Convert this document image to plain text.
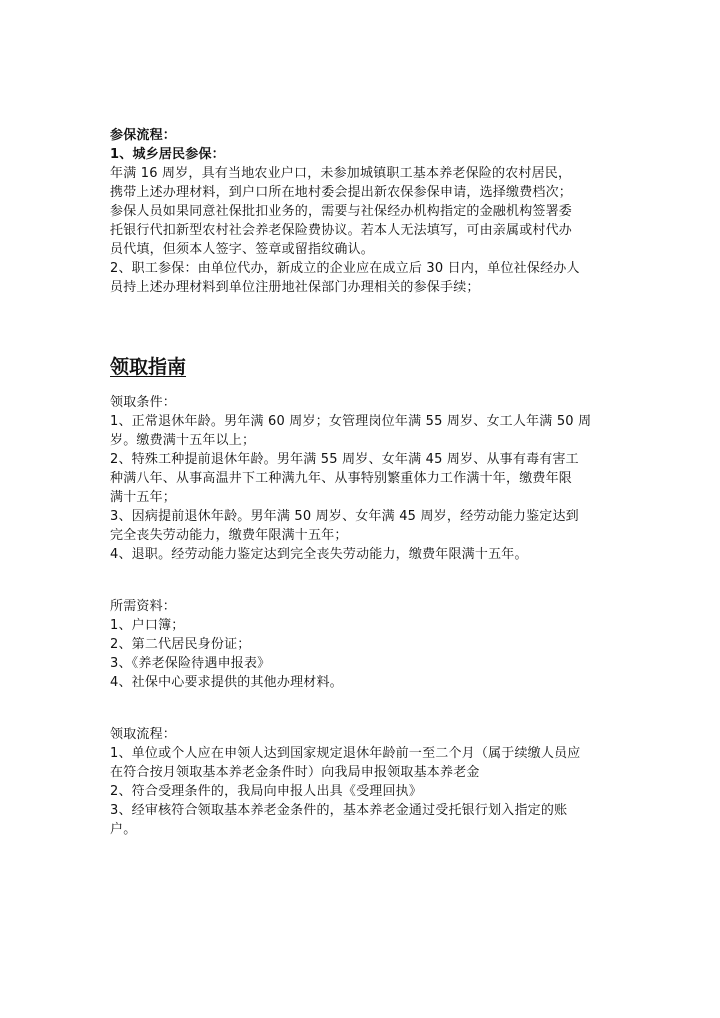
参保流程：
1、城乡居民参保：
年满 16 周岁，具有当地农业户口，未参加城镇职工基本养老保险的农村居民，
携带上述办理材料，到户口所在地村委会提出新农保参保申请，选择缴费档次；
参保人员如果同意社保批扣业务的，需要与社保经办机构指定的金融机构签署委
托银行代扣新型农村社会养老保险费协议。若本人无法填写，可由亲属或村代办
员代填，但须本人签字、签章或留指纹确认。
2、职工参保：由单位代办，新成立的企业应在成立后 30 日内，单位社保经办人
员持上述办理材料到单位注册地社保部门办理相关的参保手续；
领取指南
领取条件：
1、正常退休年龄。男年满 60 周岁；女管理岗位年满 55 周岁、女工人年满 50 周
岁。缴费满十五年以上；
2、特殊工种提前退休年龄。男年满 55 周岁、女年满 45 周岁、从事有毒有害工
种满八年、从事高温井下工种满九年、从事特别繁重体力工作满十年，缴费年限
满十五年；
3、因病提前退休年龄。男年满 50 周岁、女年满 45 周岁，经劳动能力鉴定达到
完全丧失劳动能力，缴费年限满十五年；
4、退职。经劳动能力鉴定达到完全丧失劳动能力，缴费年限满十五年。
所需资料：
1、户口簿；
2、第二代居民身份证；
3、《养老保险待遇申报表》
4、社保中心要求提供的其他办理材料。
领取流程：
1、单位或个人应在申领人达到国家规定退休年龄前一至二个月（属于续缴人员应
在符合按月领取基本养老金条件时）向我局申报领取基本养老金
2、符合受理条件的，我局向申报人出具《受理回执》
3、经审核符合领取基本养老金条件的，基本养老金通过受托银行划入指定的账
户。
